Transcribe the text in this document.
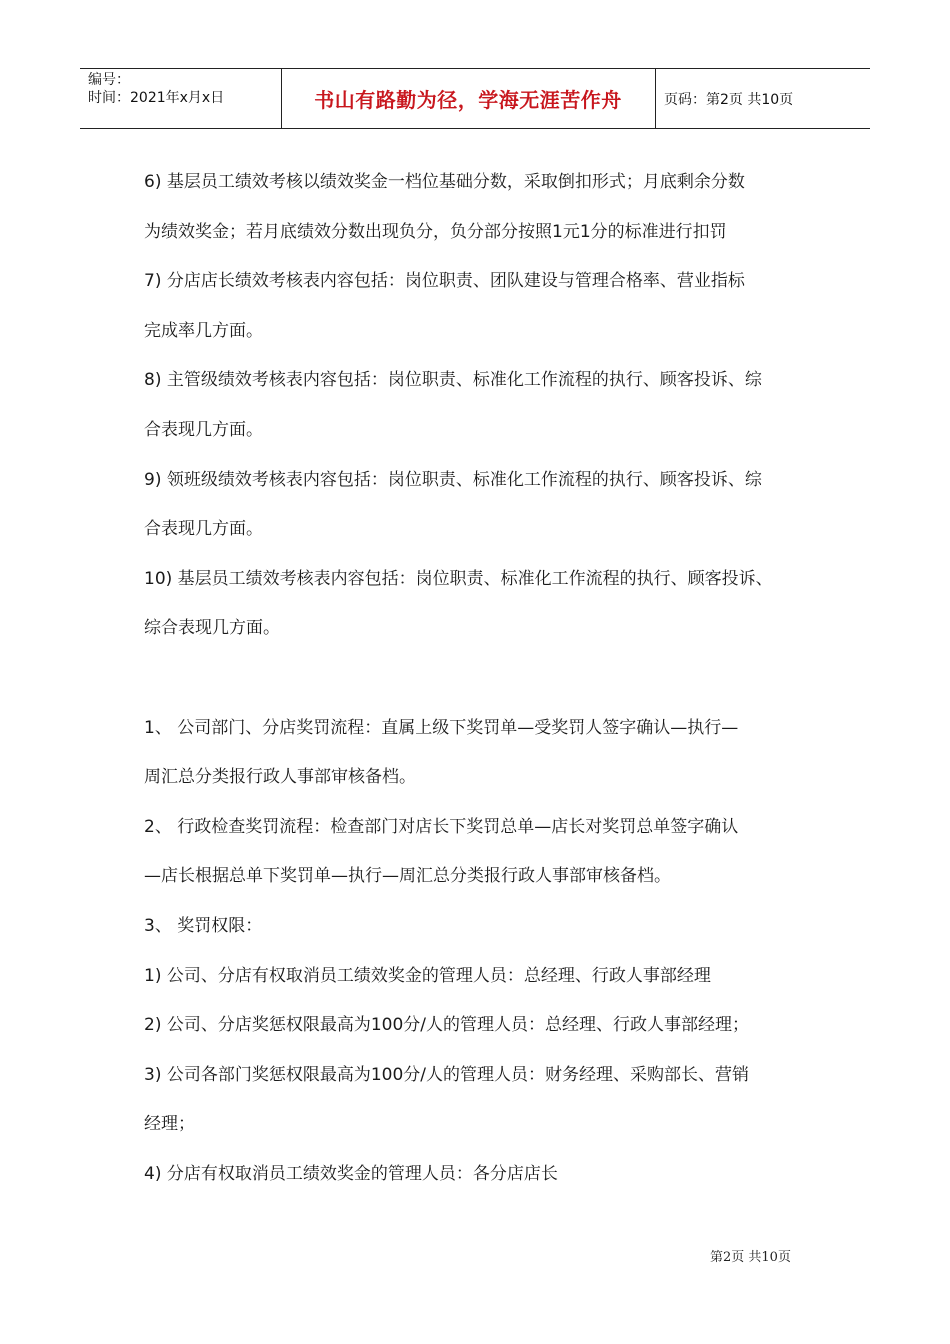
编号：
时间：2021年x月x日	书山有路勤为径，学海无涯苦作舟	页码：第2页 共10页

6) 基层员工绩效考核以绩效奖金一档位基础分数，采取倒扣形式；月底剩余分数

为绩效奖金；若月底绩效分数出现负分，负分部分按照1元1分的标准进行扣罚

7) 分店店长绩效考核表内容包括：岗位职责、团队建设与管理合格率、营业指标

完成率几方面。

8) 主管级绩效考核表内容包括：岗位职责、标准化工作流程的执行、顾客投诉、综

合表现几方面。

9) 领班级绩效考核表内容包括：岗位职责、标准化工作流程的执行、顾客投诉、综

合表现几方面。

10) 基层员工绩效考核表内容包括：岗位职责、标准化工作流程的执行、顾客投诉、

综合表现几方面。

1、 公司部门、分店奖罚流程：直属上级下奖罚单—受奖罚人签字确认—执行—

周汇总分类报行政人事部审核备档。

2、 行政检查奖罚流程：检查部门对店长下奖罚总单—店长对奖罚总单签字确认

—店长根据总单下奖罚单—执行—周汇总分类报行政人事部审核备档。

3、 奖罚权限：

1) 公司、分店有权取消员工绩效奖金的管理人员：总经理、行政人事部经理

2) 公司、分店奖惩权限最高为100分/人的管理人员：总经理、行政人事部经理；

3) 公司各部门奖惩权限最高为100分/人的管理人员：财务经理、采购部长、营销

经理；

4) 分店有权取消员工绩效奖金的管理人员：各分店店长

第2页 共10页
